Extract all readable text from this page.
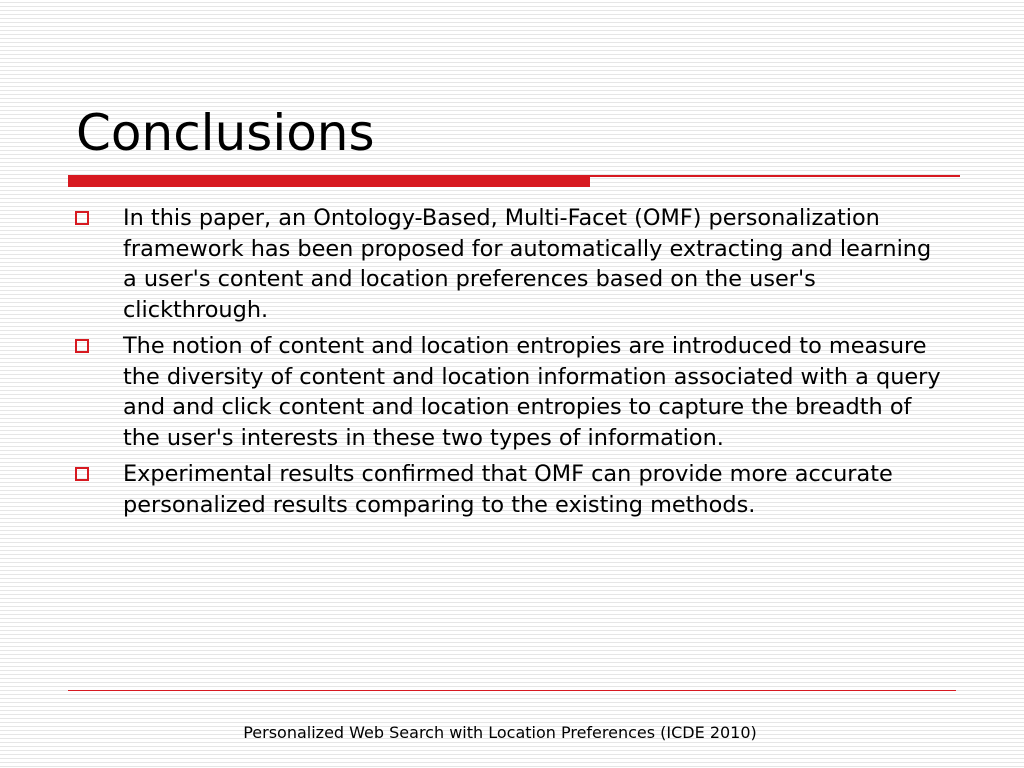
Conclusions
In this paper, an Ontology-Based, Multi-Facet (OMF) personalization framework has been proposed for automatically extracting and learning a user's content and location preferences based on the user's clickthrough.
The notion of content and location entropies are introduced to measure the diversity of content and location information associated with a query and and click content and location entropies to capture the breadth of the user's interests in these two types of information.
Experimental results confirmed that OMF can provide more accurate personalized results comparing to the existing methods.
Personalized Web Search with Location Preferences (ICDE 2010)
